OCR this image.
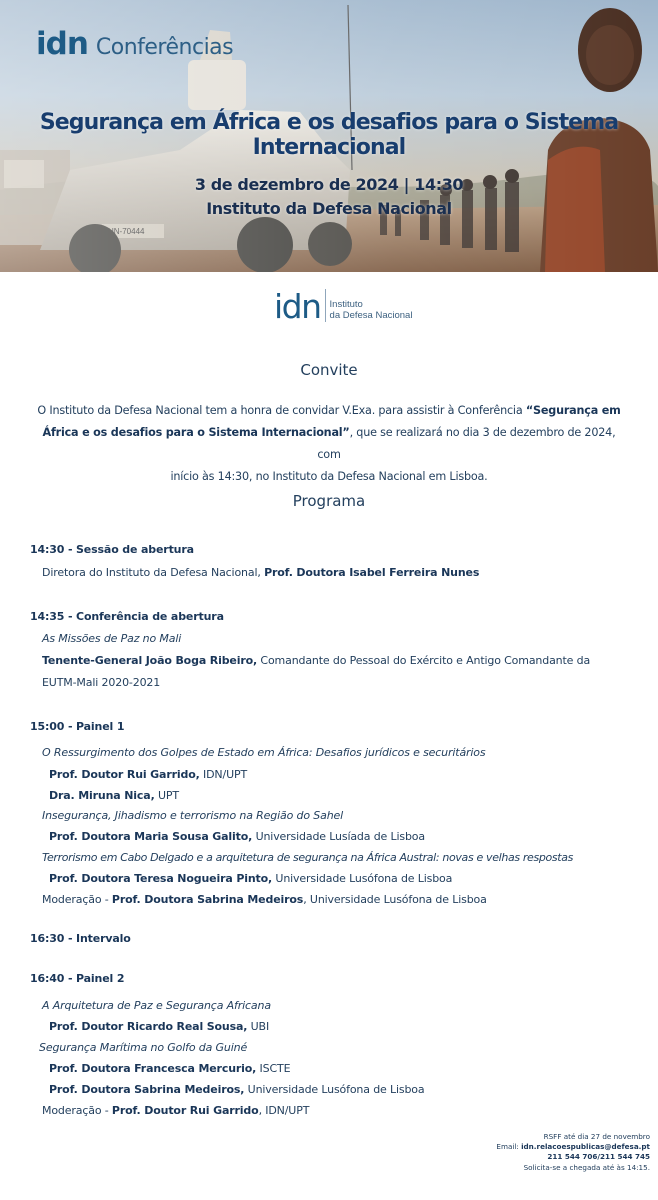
idn Conferências
Segurança em África e os desafios para o Sistema Internacional
3 de dezembro de 2024 | 14:30
Instituto da Defesa Nacional
idn Instituto
da Defesa Nacional
Convite
O Instituto da Defesa Nacional tem a honra de convidar V.Exa. para assistir à Conferência “Segurança em
África e os desafios para o Sistema Internacional”, que se realizará no dia 3 de dezembro de 2024, com
início às 14:30, no Instituto da Defesa Nacional em Lisboa.
Programa
14:30 - Sessão de abertura
Diretora do Instituto da Defesa Nacional, Prof. Doutora Isabel Ferreira Nunes
14:35 - Conferência de abertura
As Missões de Paz no Mali
Tenente-General João Boga Ribeiro, Comandante do Pessoal do Exército e Antigo Comandante da
EUTM-Mali 2020-2021
15:00 - Painel 1
O Ressurgimento dos Golpes de Estado em África: Desafios jurídicos e securitários
Prof. Doutor Rui Garrido, IDN/UPT
Dra. Miruna Nica, UPT
Insegurança, Jihadismo e terrorismo na Região do Sahel
Prof. Doutora Maria Sousa Galito, Universidade Lusíada de Lisboa
Terrorismo em Cabo Delgado e a arquitetura de segurança na África Austral: novas e velhas respostas
Prof. Doutora Teresa Nogueira Pinto, Universidade Lusófona de Lisboa
Moderação - Prof. Doutora Sabrina Medeiros, Universidade Lusófona de Lisboa
16:30 - Intervalo
16:40 - Painel 2
A Arquitetura de Paz e Segurança Africana
Prof. Doutor Ricardo Real Sousa, UBI
Segurança Marítima no Golfo da Guiné
Prof. Doutora Francesca Mercurio, ISCTE
Prof. Doutora Sabrina Medeiros, Universidade Lusófona de Lisboa
Moderação - Prof. Doutor Rui Garrido, IDN/UPT
RSFF até dia 27 de novembro
Email: idn.relacoespublicas@defesa.pt
211 544 706/211 544 745
Solicita-se a chegada até às 14:15.
